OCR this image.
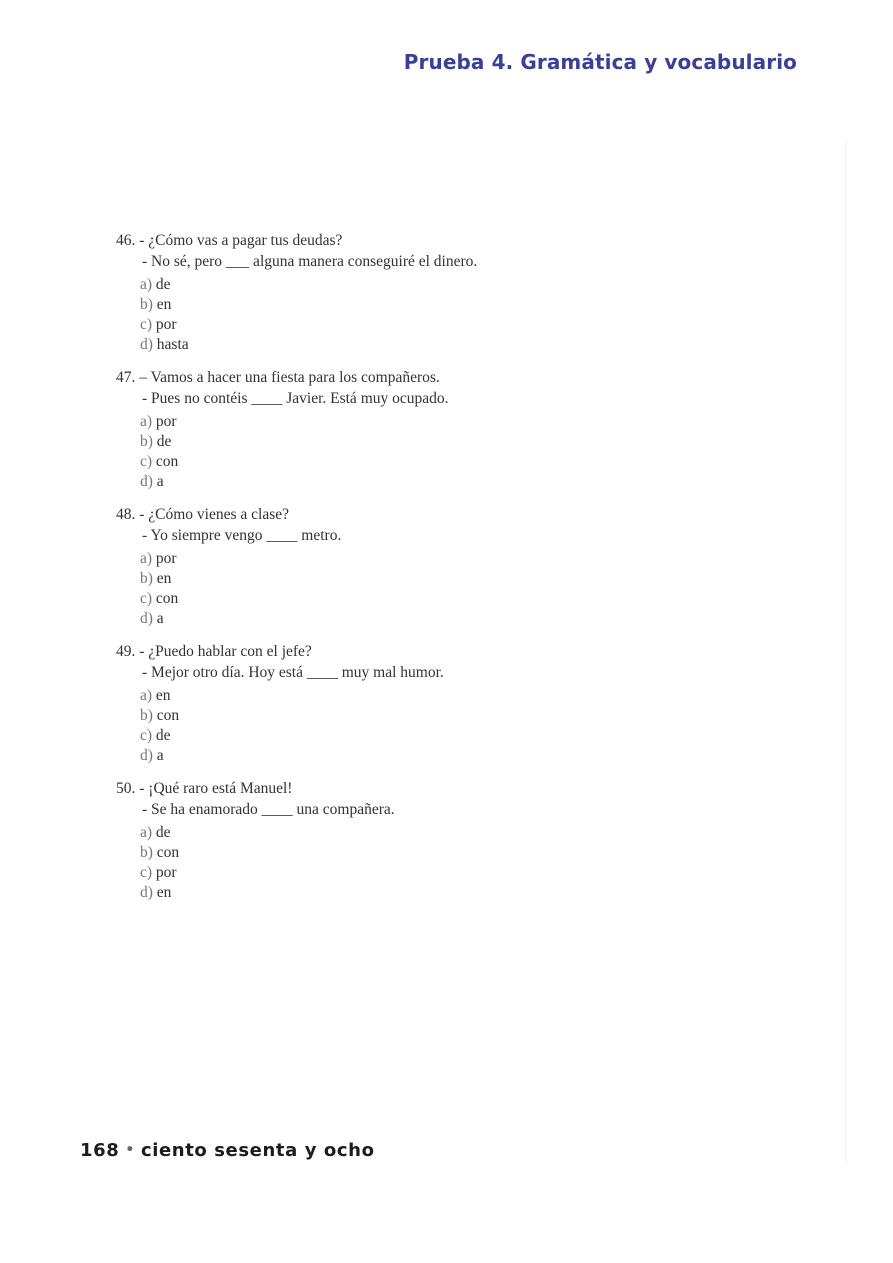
Prueba 4. Gramática y vocabulario
46. - ¿Cómo vas a pagar tus deudas?
- No sé, pero ___ alguna manera conseguiré el dinero.
a) de
b) en
c) por
d) hasta
47. – Vamos a hacer una fiesta para los compañeros.
- Pues no contéis ____ Javier. Está muy ocupado.
a) por
b) de
c) con
d) a
48. - ¿Cómo vienes a clase?
- Yo siempre vengo ____ metro.
a) por
b) en
c) con
d) a
49. - ¿Puedo hablar con el jefe?
- Mejor otro día. Hoy está ____ muy mal humor.
a) en
b) con
c) de
d) a
50. - ¡Qué raro está Manuel!
- Se ha enamorado ____ una compañera.
a) de
b) con
c) por
d) en
168 • ciento sesenta y ocho
